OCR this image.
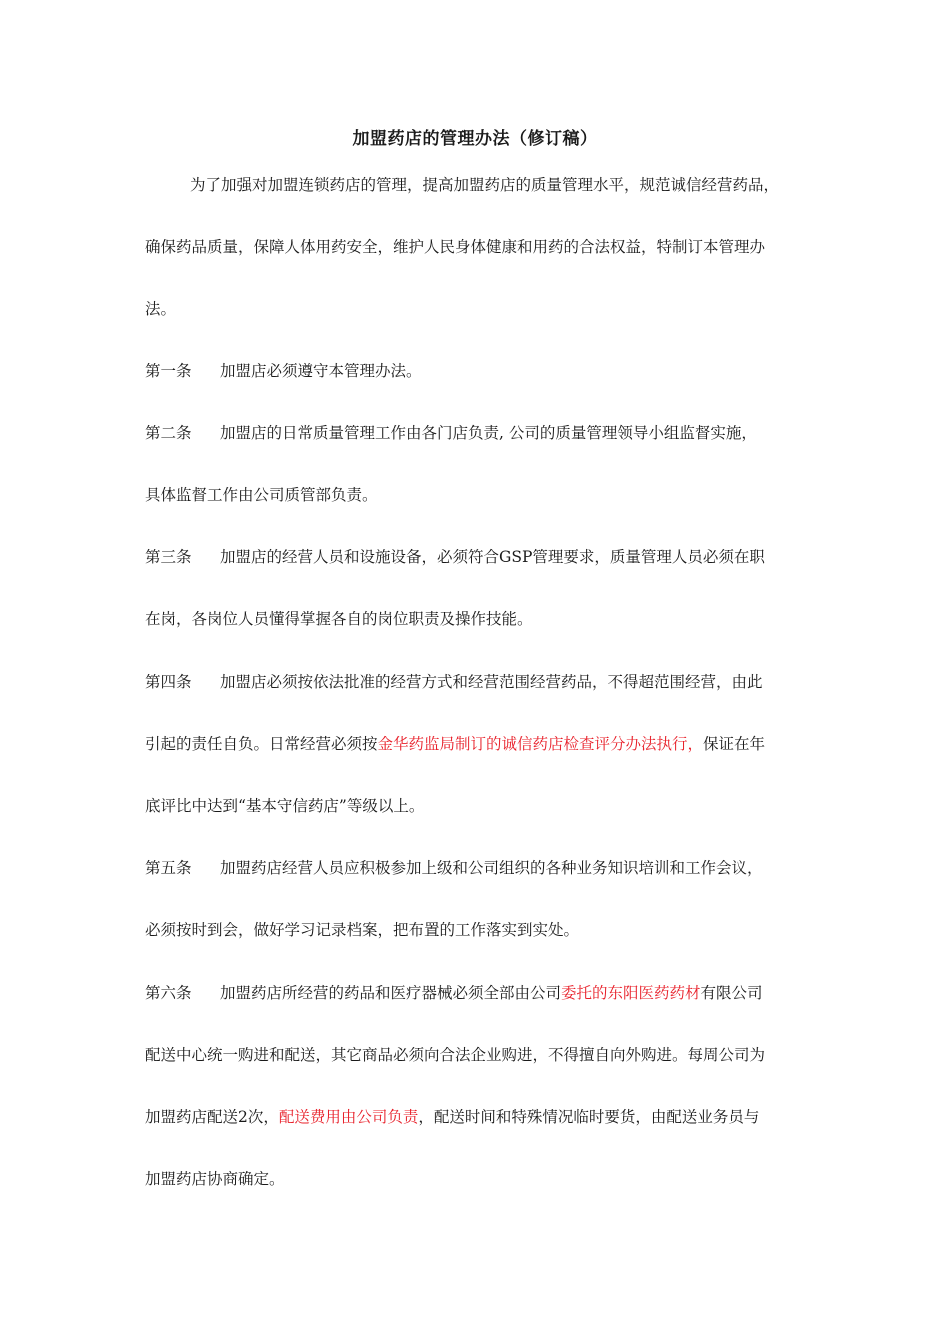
加盟药店的管理办法（修订稿）
为了加强对加盟连锁药店的管理，提高加盟药店的质量管理水平，规范诚信经营药品，
确保药品质量，保障人体用药安全，维护人民身体健康和用药的合法权益，特制订本管理办
法。
第一条 加盟店必须遵守本管理办法。
第二条 加盟店的日常质量管理工作由各门店负责, 公司的质量管理领导小组监督实施，
具体监督工作由公司质管部负责。
第三条 加盟店的经营人员和设施设备，必须符合GSP管理要求，质量管理人员必须在职
在岗，各岗位人员懂得掌握各自的岗位职责及操作技能。
第四条 加盟店必须按依法批准的经营方式和经营范围经营药品，不得超范围经营，由此
引起的责任自负。日常经营必须按金华药监局制订的诚信药店检查评分办法执行，保证在年
底评比中达到“基本守信药店”等级以上。
第五条 加盟药店经营人员应积极参加上级和公司组织的各种业务知识培训和工作会议，
必须按时到会，做好学习记录档案，把布置的工作落实到实处。
第六条 加盟药店所经营的药品和医疗器械必须全部由公司委托的东阳医药药材有限公司
配送中心统一购进和配送，其它商品必须向合法企业购进，不得擅自向外购进。每周公司为
加盟药店配送2次，配送费用由公司负责，配送时间和特殊情况临时要货，由配送业务员与
加盟药店协商确定。
